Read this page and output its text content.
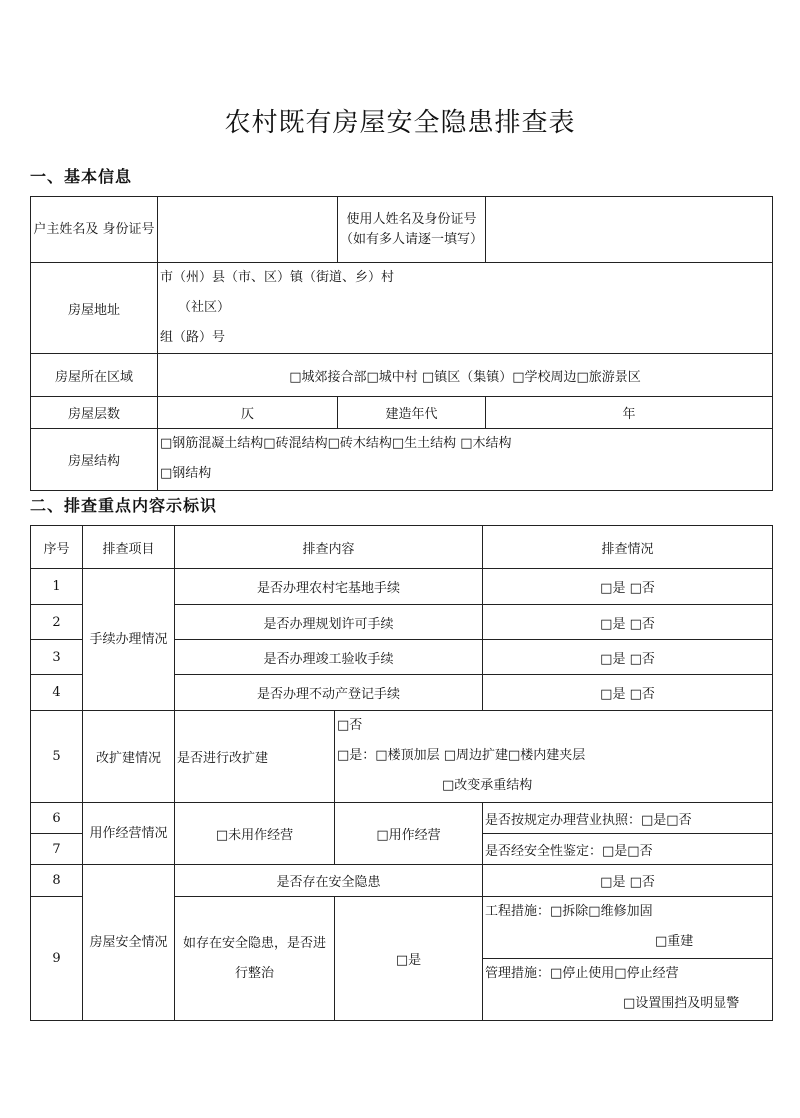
农村既有房屋安全隐患排查表
一、基本信息
户主姓名及 身份证号		使用人姓名及身份证号（如有多人请逐一填写）	
房屋地址	市（州）县（市、区）镇（街道、乡）村
（社区）
组（路）号		

房屋所在区域	□城郊接合部□城中村 □镇区（集镇）□学校周边□旅游景区		
房屋层数	仄	建造年代	年
房屋结构	□钢筋混凝土结构□砖混结构□砖木结构□生土结构 □木结构
□钢结构		
二、排查重点内容示标识
序号	排查项目	排查内容		排查情况
1	手续办理情况	是否办理农村宅基地手续		□是 □否
2		是否办理规划许可手续		□是 □否
3		是否办理竣工验收手续		□是 □否
4		是否办理不动产登记手续		□是 □否
5	改扩建情况	是否进行改扩建	□否
□是：□楼顶加层 □周边扩建□楼内建夹层
□改变承重结构	

6	用作经营情况	□未用作经营	□用作经营	是否按规定办理营业执照：□是□否
7				是否经安全性鉴定：□是□否
8	房屋安全情况	是否存在安全隐患		□是 □否
9		如存在安全隐患，是否进行整治	□是	工程措施：□拆除□维修加固
□重建
管理措施：□停止使用□停止经营
□设置围挡及明显警
